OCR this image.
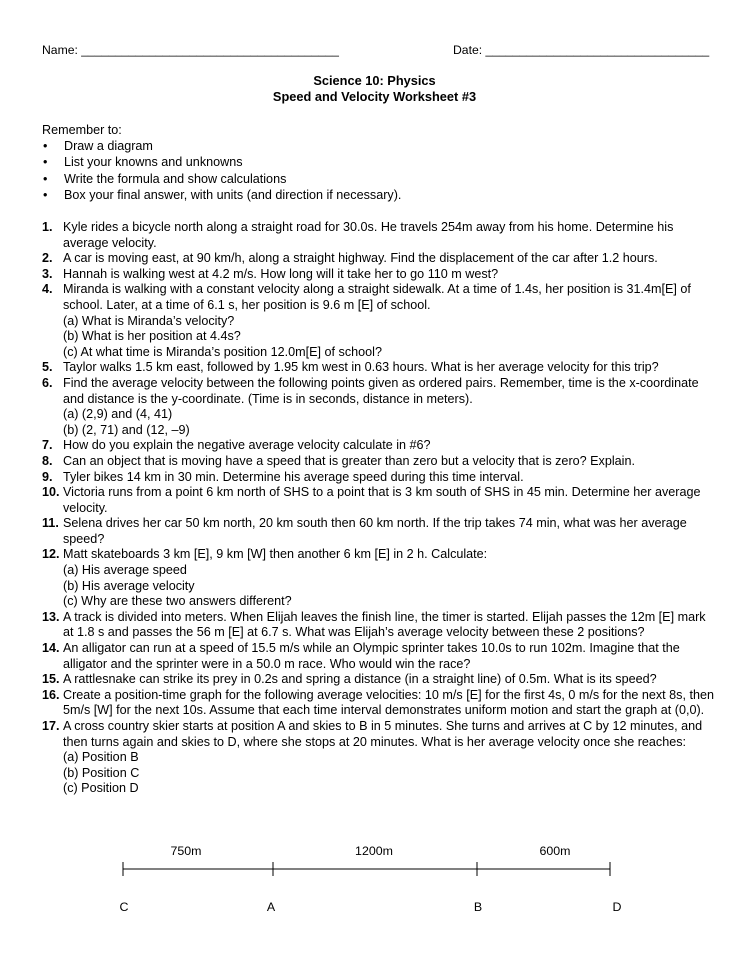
Name: ______________________________________	Date: _________________________________
Science 10: Physics
Speed and Velocity Worksheet #3
Remember to:
• Draw a diagram
• List your knowns and unknowns
• Write the formula and show calculations
• Box your final answer, with units (and direction if necessary).
1. Kyle rides a bicycle north along a straight road for 30.0s. He travels 254m away from his home. Determine his average velocity.
2. A car is moving east, at 90 km/h, along a straight highway. Find the displacement of the car after 1.2 hours.
3. Hannah is walking west at 4.2 m/s. How long will it take her to go 110 m west?
4. Miranda is walking with a constant velocity along a straight sidewalk. At a time of 1.4s, her position is 31.4m[E] of school. Later, at a time of 6.1 s, her position is 9.6 m [E] of school.
(a) What is Miranda’s velocity?
(b) What is her position at 4.4s?
(c) At what time is Miranda’s position 12.0m[E] of school?
5. Taylor walks 1.5 km east, followed by 1.95 km west in 0.63 hours. What is her average velocity for this trip?
6. Find the average velocity between the following points given as ordered pairs. Remember, time is the x-coordinate and distance is the y-coordinate. (Time is in seconds, distance in meters).
(a) (2,9) and (4, 41)
(b) (2, 71) and (12, –9)
7. How do you explain the negative average velocity calculate in #6?
8. Can an object that is moving have a speed that is greater than zero but a velocity that is zero? Explain.
9. Tyler bikes 14 km in 30 min. Determine his average speed during this time interval.
10. Victoria runs from a point 6 km north of SHS to a point that is 3 km south of SHS in 45 min. Determine her average velocity.
11. Selena drives her car 50 km north, 20 km south then 60 km north. If the trip takes 74 min, what was her average speed?
12. Matt skateboards 3 km [E], 9 km [W] then another 6 km [E] in 2 h. Calculate:
(a) His average speed
(b) His average velocity
(c) Why are these two answers different?
13. A track is divided into meters. When Elijah leaves the finish line, the timer is started. Elijah passes the 12m [E] mark at 1.8 s and passes the 56 m [E] at 6.7 s. What was Elijah’s average velocity between these 2 positions?
14. An alligator can run at a speed of 15.5 m/s while an Olympic sprinter takes 10.0s to run 102m. Imagine that the alligator and the sprinter were in a 50.0 m race. Who would win the race?
15. A rattlesnake can strike its prey in 0.2s and spring a distance (in a straight line) of 0.5m. What is its speed?
16. Create a position-time graph for the following average velocities: 10 m/s [E] for the first 4s, 0 m/s for the next 8s, then 5m/s [W] for the next 10s. Assume that each time interval demonstrates uniform motion and start the graph at (0,0).
17. A cross country skier starts at position A and skies to B in 5 minutes. She turns and arrives at C by 12 minutes, and then turns again and skies to D, where she stops at 20 minutes. What is her average velocity once she reaches:
(a) Position B
(b) Position C
(c) Position D
750m	1200m	600m
C	A	B	D
